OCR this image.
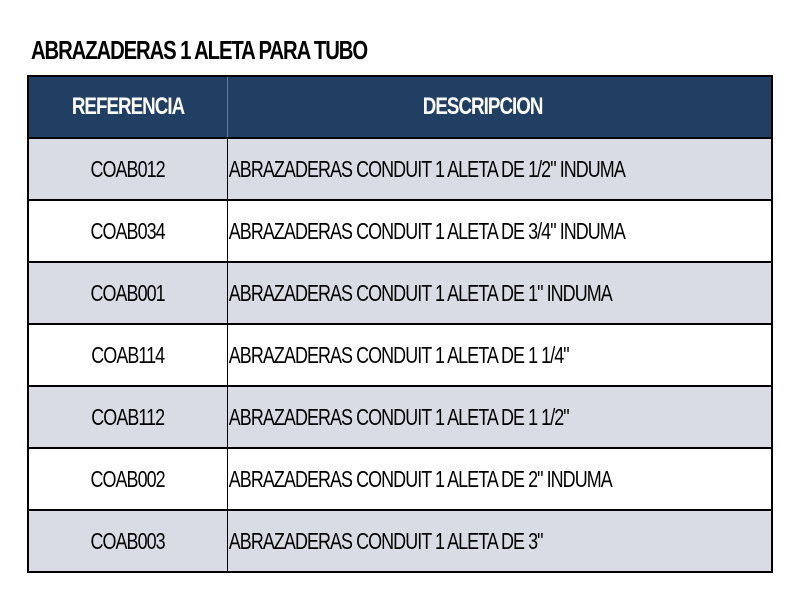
ABRAZADERAS 1 ALETA PARA TUBO
REFERENCIA	DESCRIPCION
COAB012	ABRAZADERAS CONDUIT 1 ALETA DE 1/2" INDUMA
COAB034	ABRAZADERAS CONDUIT 1 ALETA DE 3/4" INDUMA
COAB001	ABRAZADERAS CONDUIT 1 ALETA DE 1" INDUMA
COAB114	ABRAZADERAS CONDUIT 1 ALETA DE 1 1/4"
COAB112	ABRAZADERAS CONDUIT 1 ALETA DE 1 1/2"
COAB002	ABRAZADERAS CONDUIT 1 ALETA DE 2" INDUMA
COAB003	ABRAZADERAS CONDUIT 1 ALETA DE 3"
